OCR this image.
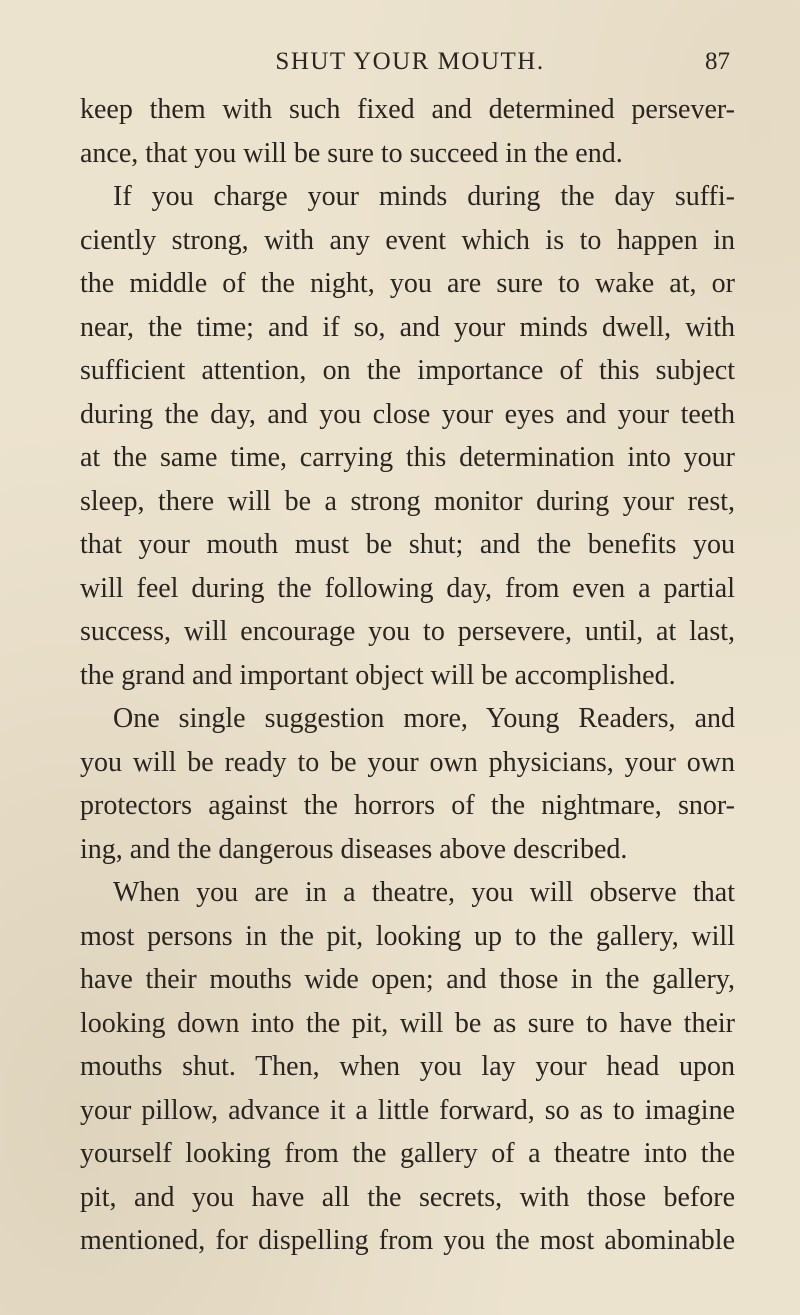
SHUT YOUR MOUTH.	87
keep them with such fixed and determined persever-
ance, that you will be sure to succeed in the end.
If you charge your minds during the day suffi-
ciently strong, with any event which is to happen in
the middle of the night, you are sure to wake at, or
near, the time; and if so, and your minds dwell, with
sufficient attention, on the importance of this subject
during the day, and you close your eyes and your teeth
at the same time, carrying this determination into your
sleep, there will be a strong monitor during your rest,
that your mouth must be shut; and the benefits you
will feel during the following day, from even a partial
success, will encourage you to persevere, until, at last,
the grand and important object will be accomplished.
One single suggestion more, Young Readers, and
you will be ready to be your own physicians, your own
protectors against the horrors of the nightmare, snor-
ing, and the dangerous diseases above described.
When you are in a theatre, you will observe that
most persons in the pit, looking up to the gallery, will
have their mouths wide open; and those in the gallery,
looking down into the pit, will be as sure to have their
mouths shut. Then, when you lay your head upon
your pillow, advance it a little forward, so as to imagine
yourself looking from the gallery of a theatre into the
pit, and you have all the secrets, with those before
mentioned, for dispelling from you the most abominable
